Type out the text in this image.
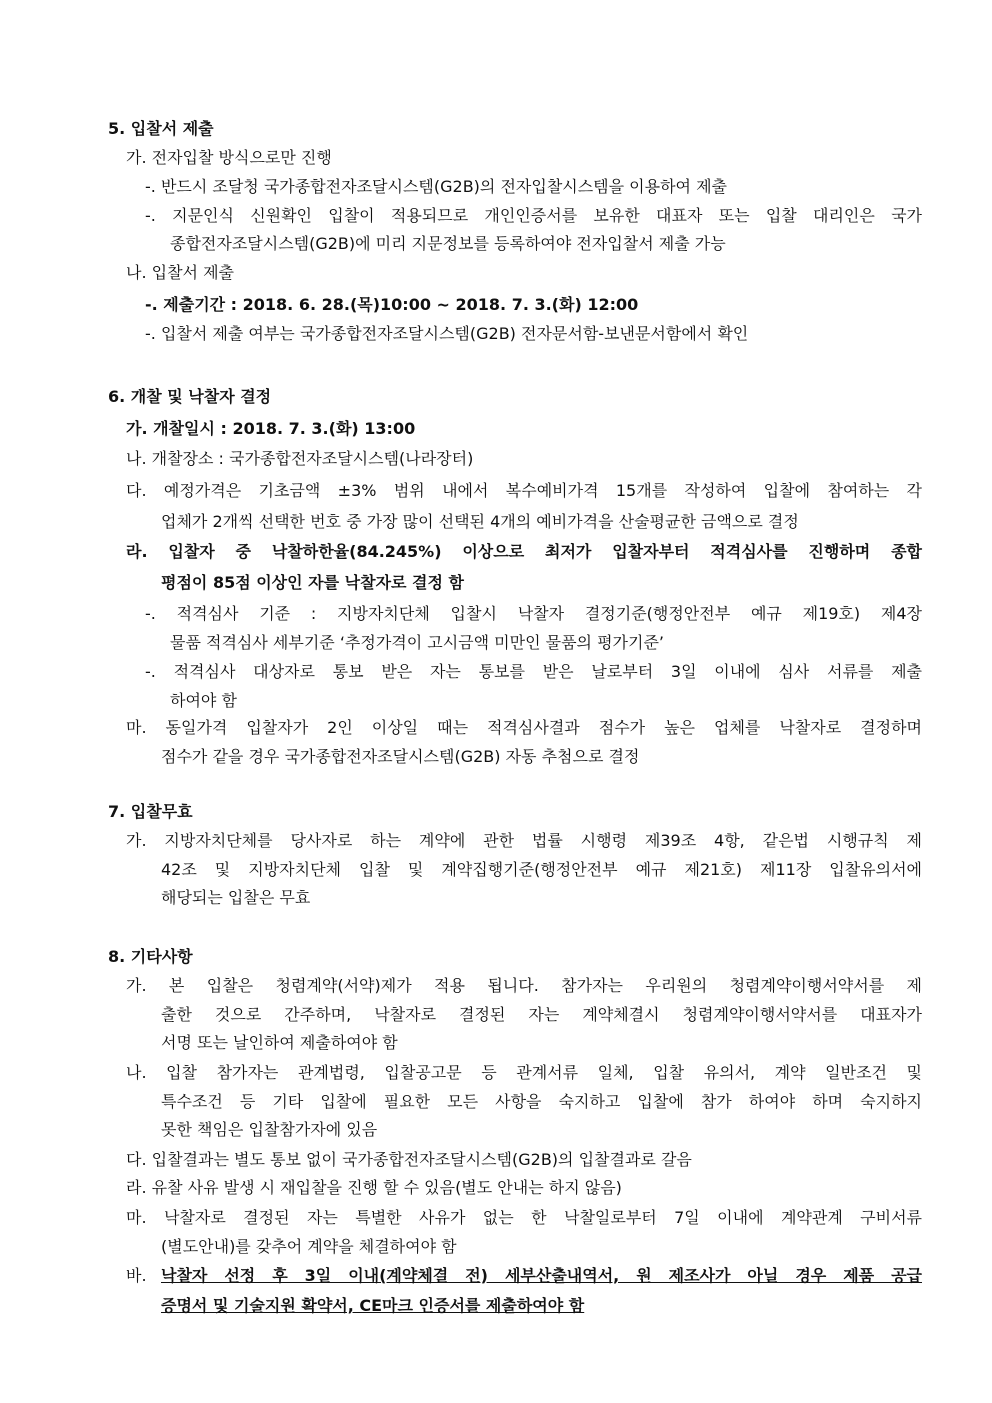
5. 입찰서 제출
가. 전자입찰 방식으로만 진행
-. 반드시 조달청 국가종합전자조달시스템(G2B)의 전자입찰시스템을 이용하여 제출
-. 지문인식 신원확인 입찰이 적용되므로 개인인증서를 보유한 대표자 또는 입찰 대리인은 국가
종합전자조달시스템(G2B)에 미리 지문정보를 등록하여야 전자입찰서 제출 가능
나. 입찰서 제출
-. 제출기간 : 2018. 6. 28.(목)10:00 ~ 2018. 7. 3.(화) 12:00
-. 입찰서 제출 여부는 국가종합전자조달시스템(G2B) 전자문서함-보낸문서함에서 확인
6. 개찰 및 낙찰자 결정
가. 개찰일시 : 2018. 7. 3.(화) 13:00
나. 개찰장소 : 국가종합전자조달시스템(나라장터)
다. 예정가격은 기초금액 ±3% 범위 내에서 복수예비가격 15개를 작성하여 입찰에 참여하는 각
업체가 2개씩 선택한 번호 중 가장 많이 선택된 4개의 예비가격을 산술평균한 금액으로 결정
라. 입찰자 중 낙찰하한율(84.245%) 이상으로 최저가 입찰자부터 적격심사를 진행하며 종합
평점이 85점 이상인 자를 낙찰자로 결정 함
-. 적격심사 기준 : 지방자치단체 입찰시 낙찰자 결정기준(행정안전부 예규 제19호) 제4장
물품 적격심사 세부기준 ‘추정가격이 고시금액 미만인 물품의 평가기준’
-. 적격심사 대상자로 통보 받은 자는 통보를 받은 날로부터 3일 이내에 심사 서류를 제출
하여야 함
마. 동일가격 입찰자가 2인 이상일 때는 적격심사결과 점수가 높은 업체를 낙찰자로 결정하며
점수가 같을 경우 국가종합전자조달시스템(G2B) 자동 추첨으로 결정
7. 입찰무효
가. 지방자치단체를 당사자로 하는 계약에 관한 법률 시행령 제39조 4항, 같은법 시행규칙 제
42조 및 지방자치단체 입찰 및 계약집행기준(행정안전부 예규 제21호) 제11장 입찰유의서에
해당되는 입찰은 무효
8. 기타사항
가. 본 입찰은 청렴계약(서약)제가 적용 됩니다. 참가자는 우리원의 청렴계약이행서약서를 제
출한 것으로 간주하며, 낙찰자로 결정된 자는 계약체결시 청렴계약이행서약서를 대표자가
서명 또는 날인하여 제출하여야 함
나. 입찰 참가자는 관계법령, 입찰공고문 등 관계서류 일체, 입찰 유의서, 계약 일반조건 및
특수조건 등 기타 입찰에 필요한 모든 사항을 숙지하고 입찰에 참가 하여야 하며 숙지하지
못한 책임은 입찰참가자에 있음
다. 입찰결과는 별도 통보 없이 국가종합전자조달시스템(G2B)의 입찰결과로 갈음
라. 유찰 사유 발생 시 재입찰을 진행 할 수 있음(별도 안내는 하지 않음)
마. 낙찰자로 결정된 자는 특별한 사유가 없는 한 낙찰일로부터 7일 이내에 계약관계 구비서류
(별도안내)를 갖추어 계약을 체결하여야 함
바. 낙찰자 선정 후 3일 이내(계약체결 전) 세부산출내역서, 원 제조사가 아닐 경우 제품 공급
증명서 및 기술지원 확약서, CE마크 인증서를 제출하여야 함
